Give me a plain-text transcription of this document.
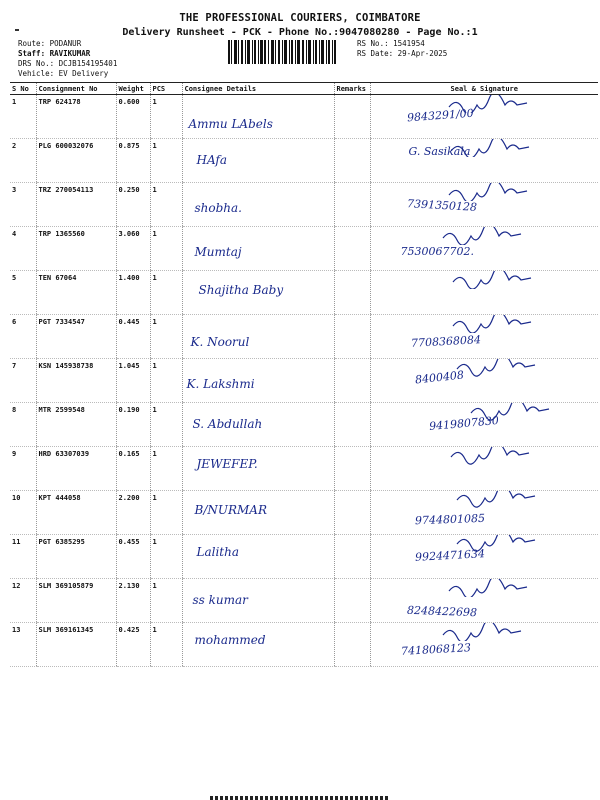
THE PROFESSIONAL COURIERS, COIMBATORE
Delivery Runsheet - PCK - Phone No.:9047080280 - Page No.:1
Route: PODANUR
Staff: RAVIKUMAR
DRS No.: DCJB154195401
Vehicle: EV Delivery
RS No.: 1541954
RS Date: 29-Apr-2025
S No	Consignment No	Weight	PCS	Consignee Details	Remarks	Seal & Signature
1	TRP 624178	0.600	1	Ammu LAbels		9843291/00

2	PLG 600032076	0.875	1	HAfa		G. Sasikala

3	TRZ 270054113	0.250	1	shobha.		7391350128

4	TRP 1365560	3.060	1	Mumtaj		7530067702.

5	TEN 67064	1.400	1	Shajitha Baby

6	PGT 7334547	0.445	1	K. Noorul		7708368084

7	KSN 145938738	1.045	1	K. Lakshmi		8400408

8	MTR 2599548	0.190	1	S. Abdullah		9419807830

9	HRD 63307039	0.165	1	JEWEFEP.

10	KPT 444058	2.200	1	B/NURMAR		9744801085

11	PGT 6385295	0.455	1	Lalitha		9924471634

12	SLM 369105879	2.130	1	ss kumar		8248422698

13	SLM 369161345	0.425	1	mohammed		7418068123
